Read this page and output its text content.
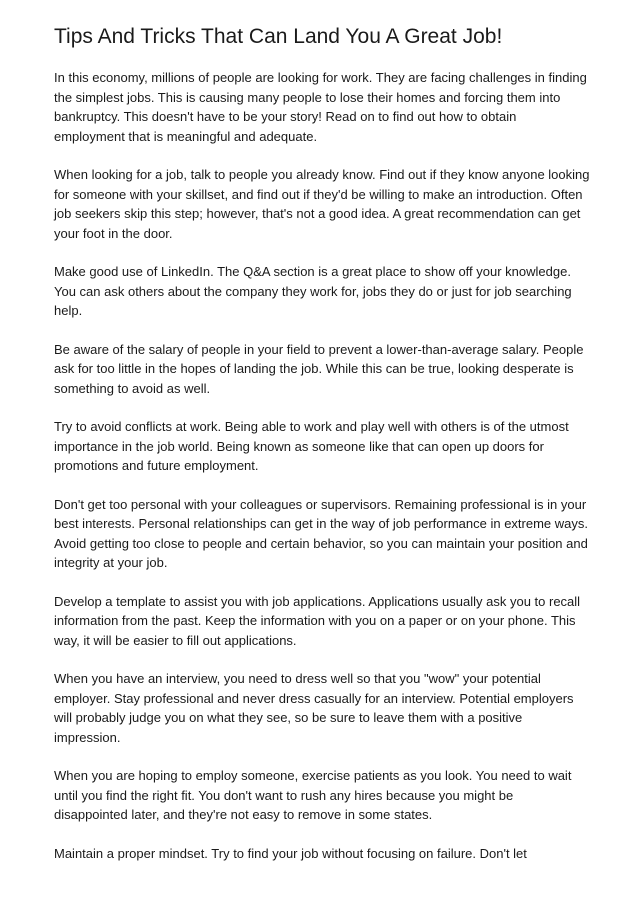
Tips And Tricks That Can Land You A Great Job!

In this economy, millions of people are looking for work. They are facing challenges in finding
the simplest jobs. This is causing many people to lose their homes and forcing them into
bankruptcy. This doesn't have to be your story! Read on to find out how to obtain
employment that is meaningful and adequate.

When looking for a job, talk to people you already know. Find out if they know anyone looking
for someone with your skillset, and find out if they'd be willing to make an introduction. Often
job seekers skip this step; however, that's not a good idea. A great recommendation can get
your foot in the door.

Make good use of LinkedIn. The Q&A section is a great place to show off your knowledge.
You can ask others about the company they work for, jobs they do or just for job searching
help.

Be aware of the salary of people in your field to prevent a lower-than-average salary. People
ask for too little in the hopes of landing the job. While this can be true, looking desperate is
something to avoid as well.

Try to avoid conflicts at work. Being able to work and play well with others is of the utmost
importance in the job world. Being known as someone like that can open up doors for
promotions and future employment.

Don't get too personal with your colleagues or supervisors. Remaining professional is in your
best interests. Personal relationships can get in the way of job performance in extreme ways.
Avoid getting too close to people and certain behavior, so you can maintain your position and
integrity at your job.

Develop a template to assist you with job applications. Applications usually ask you to recall
information from the past. Keep the information with you on a paper or on your phone. This
way, it will be easier to fill out applications.

When you have an interview, you need to dress well so that you "wow" your potential
employer. Stay professional and never dress casually for an interview. Potential employers
will probably judge you on what they see, so be sure to leave them with a positive
impression.

When you are hoping to employ someone, exercise patients as you look. You need to wait
until you find the right fit. You don't want to rush any hires because you might be
disappointed later, and they're not easy to remove in some states.

Maintain a proper mindset. Try to find your job without focusing on failure. Don't let
